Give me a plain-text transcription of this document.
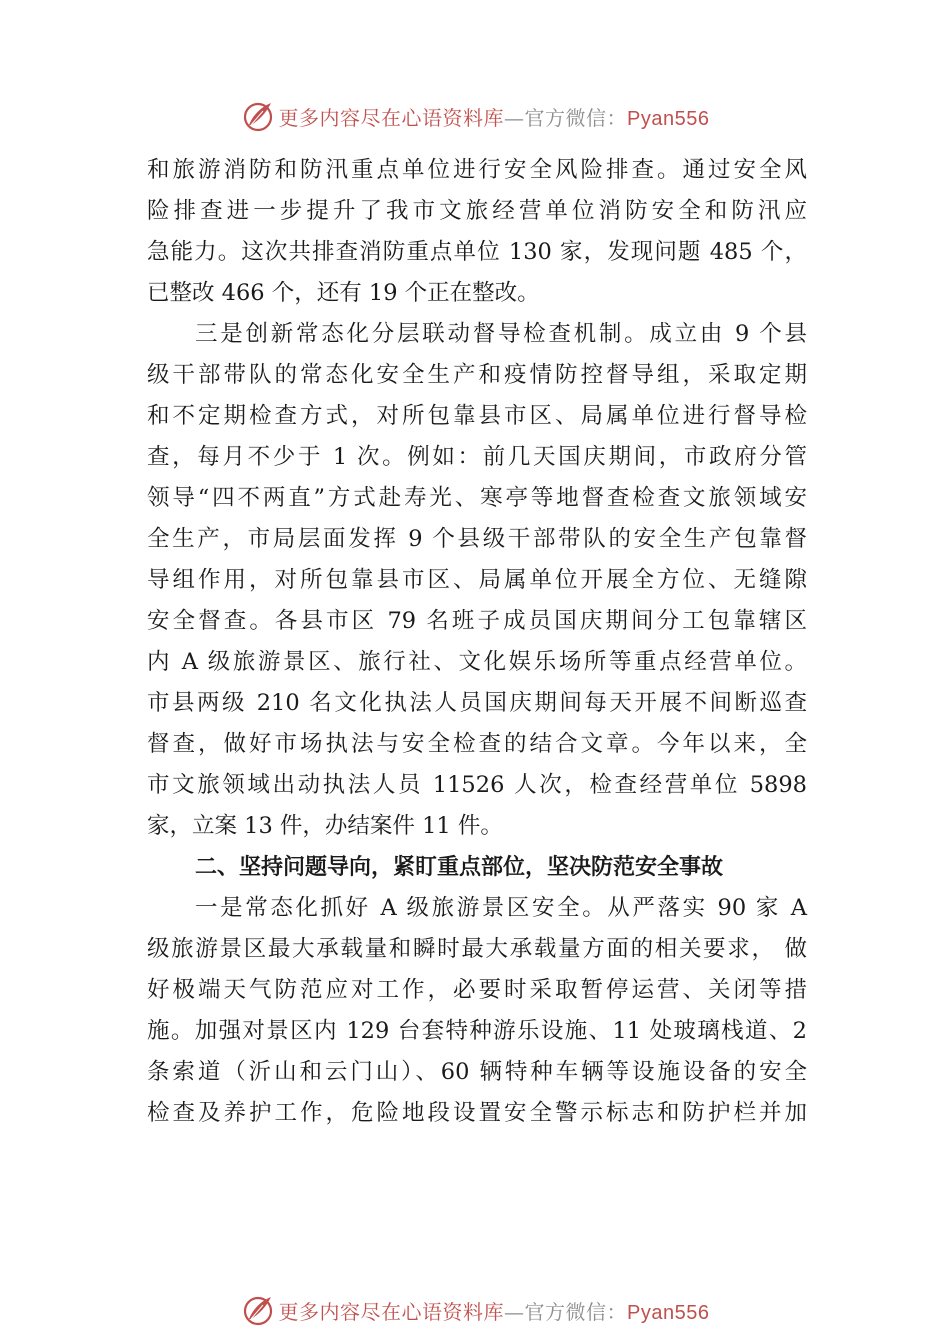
更多内容尽在心语资料库—官方微信：Pyan556
和旅游消防和防汛重点单位进行安全风险排查。通过安全风
险排查进一步提升了我市文旅经营单位消防安全和防汛应
急能力。这次共排查消防重点单位 130 家，发现问题 485 个，
已整改 466 个，还有 19 个正在整改。
三是创新常态化分层联动督导检查机制。成立由 9 个县
级干部带队的常态化安全生产和疫情防控督导组，采取定期
和不定期检查方式，对所包靠县市区、局属单位进行督导检
查，每月不少于 1 次。例如：前几天国庆期间，市政府分管
领导“四不两直”方式赴寿光、寒亭等地督查检查文旅领域安
全生产，市局层面发挥 9 个县级干部带队的安全生产包靠督
导组作用，对所包靠县市区、局属单位开展全方位、无缝隙
安全督查。各县市区 79 名班子成员国庆期间分工包靠辖区
内 A 级旅游景区、旅行社、文化娱乐场所等重点经营单位。
市县两级 210 名文化执法人员国庆期间每天开展不间断巡查
督查，做好市场执法与安全检查的结合文章。今年以来，全
市文旅领域出动执法人员 11526 人次，检查经营单位 5898
家，立案 13 件，办结案件 11 件。
二、坚持问题导向，紧盯重点部位，坚决防范安全事故
一是常态化抓好 A 级旅游景区安全。从严落实 90 家 A
级旅游景区最大承载量和瞬时最大承载量方面的相关要求， 做
好极端天气防范应对工作，必要时采取暂停运营、关闭等措
施。加强对景区内 129 台套特种游乐设施、11 处玻璃栈道、2
条索道（沂山和云门山）、60 辆特种车辆等设施设备的安全
检查及养护工作，危险地段设置安全警示标志和防护栏并加
更多内容尽在心语资料库—官方微信：Pyan556
